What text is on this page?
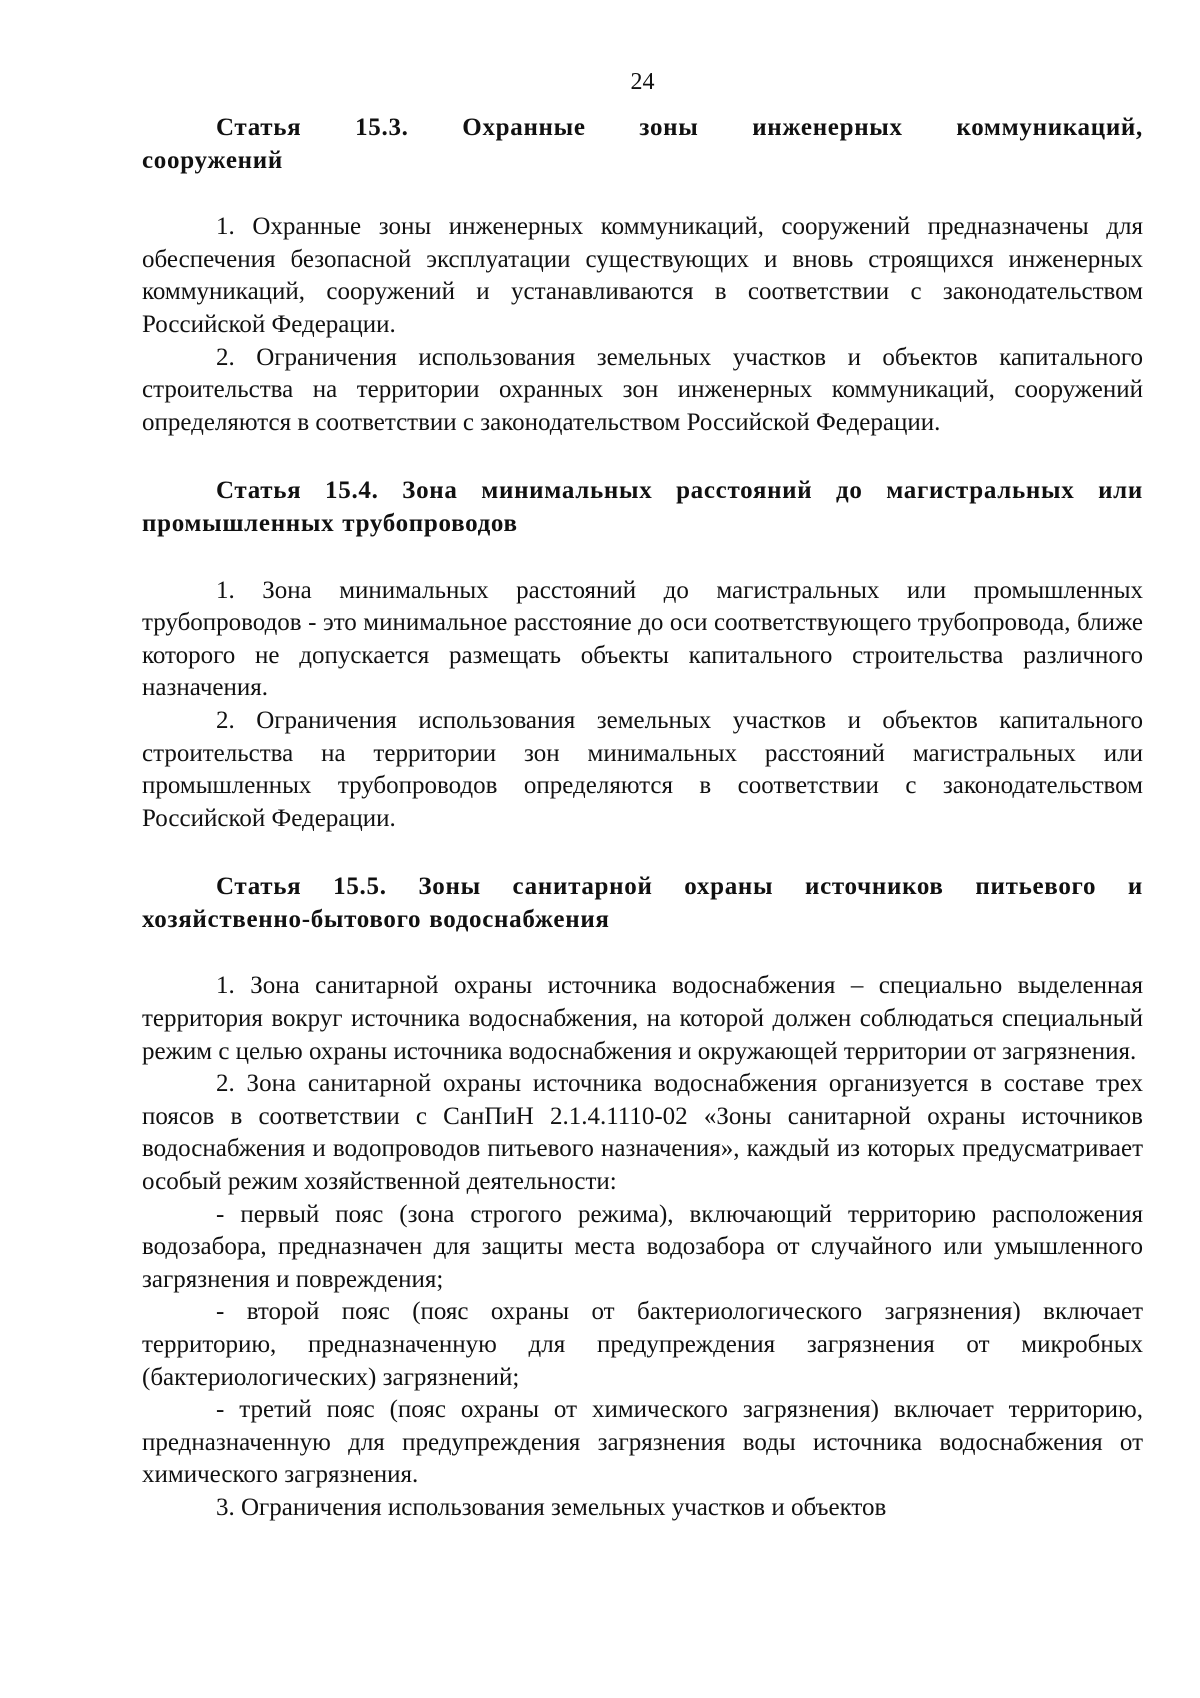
24

Статья 15.3. Охранные зоны инженерных коммуникаций, сооружений

1. Охранные зоны инженерных коммуникаций, сооружений предназначены для обеспечения безопасной эксплуатации существующих и вновь строящихся инженерных коммуникаций, сооружений и устанавливаются в соответствии с законодательством Российской Федерации.

2. Ограничения использования земельных участков и объектов капитального строительства на территории охранных зон инженерных коммуникаций, сооружений определяются в соответствии с законодательством Российской Федерации.

Статья 15.4. Зона минимальных расстояний до магистральных или промышленных трубопроводов

1. Зона минимальных расстояний до магистральных или промышленных трубопроводов - это минимальное расстояние до оси соответствующего трубопровода, ближе которого не допускается размещать объекты капитального строительства различного назначения.

2. Ограничения использования земельных участков и объектов капитального строительства на территории зон минимальных расстояний магистральных или промышленных трубопроводов определяются в соответствии с законодательством Российской Федерации.

Статья 15.5. Зоны санитарной охраны источников питьевого и хозяйственно-бытового водоснабжения

1. Зона санитарной охраны источника водоснабжения – специально выделенная территория вокруг источника водоснабжения, на которой должен соблюдаться специальный режим с целью охраны источника водоснабжения и окружающей территории от загрязнения.

2. Зона санитарной охраны источника водоснабжения организуется в составе трех поясов в соответствии с СанПиН 2.1.4.1110-02 «Зоны санитарной охраны источников водоснабжения и водопроводов питьевого назначения», каждый из которых предусматривает особый режим хозяйственной деятельности:

- первый пояс (зона строгого режима), включающий территорию расположения водозабора, предназначен для защиты места водозабора от случайного или умышленного загрязнения и повреждения;

- второй пояс (пояс охраны от бактериологического загрязнения) включает территорию, предназначенную для предупреждения загрязнения от микробных (бактериологических) загрязнений;

- третий пояс (пояс охраны от химического загрязнения) включает территорию, предназначенную для предупреждения загрязнения воды источника водоснабжения от химического загрязнения.

3. Ограничения использования земельных участков и объектов
